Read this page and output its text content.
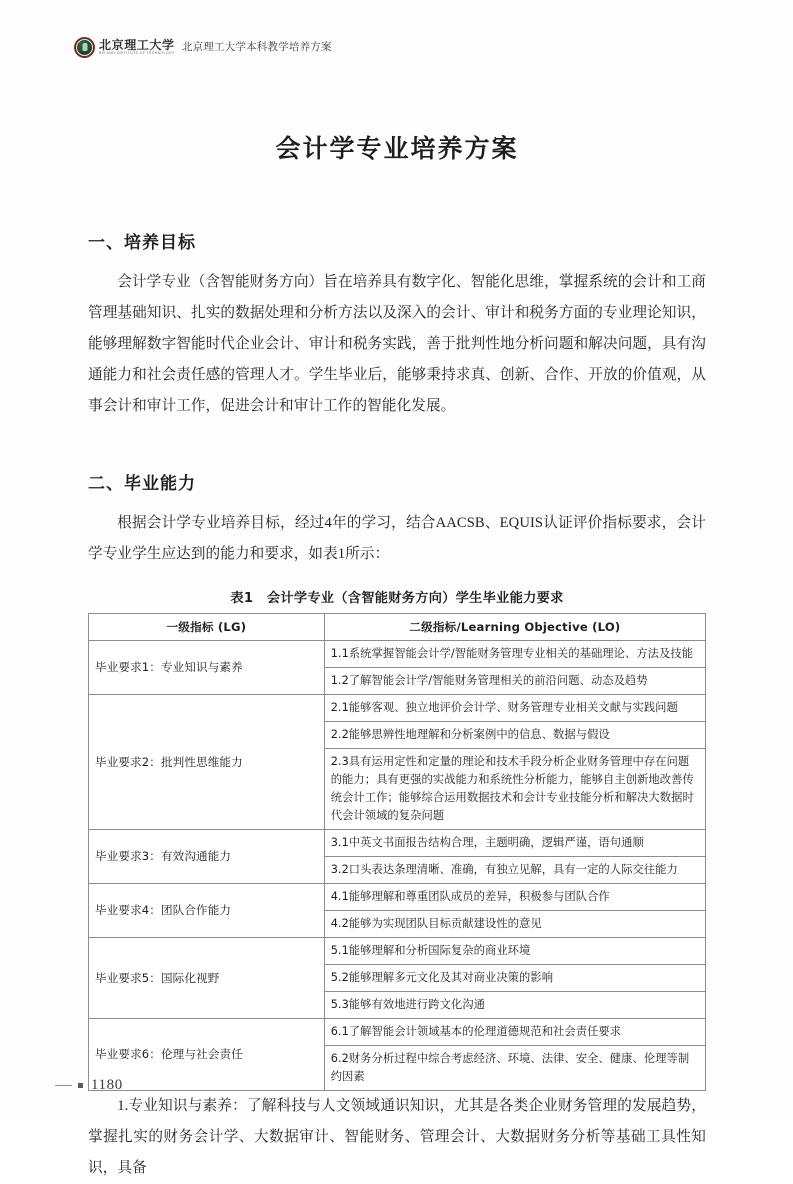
北京理工大学
BEIJING INSTITUTE OF TECHNOLOGY 北京理工大学本科教学培养方案
会计学专业培养方案
一、培养目标

会计学专业（含智能财务方向）旨在培养具有数字化、智能化思维，掌握系统的会计和工商管理基础知识、扎实的数据处理和分析方法以及深入的会计、审计和税务方面的专业理论知识，能够理解数字智能时代企业会计、审计和税务实践，善于批判性地分析问题和解决问题，具有沟通能力和社会责任感的管理人才。学生毕业后，能够秉持求真、创新、合作、开放的价值观，从事会计和审计工作，促进会计和审计工作的智能化发展。

二、毕业能力

根据会计学专业培养目标，经过4年的学习，结合AACSB、EQUIS认证评价指标要求，会计学专业学生应达到的能力和要求，如表1所示：

表1　会计学专业（含智能财务方向）学生毕业能力要求
一级指标 (LG)	二级指标/Learning Objective (LO)
毕业要求1：专业知识与素养	1.1系统掌握智能会计学/智能财务管理专业相关的基础理论、方法及技能
	1.2了解智能会计学/智能财务管理相关的前沿问题、动态及趋势
毕业要求2：批判性思维能力	2.1能够客观、独立地评价会计学、财务管理专业相关文献与实践问题
	2.2能够思辨性地理解和分析案例中的信息、数据与假设
	2.3具有运用定性和定量的理论和技术手段分析企业财务管理中存在问题的能力；具有更强的实战能力和系统性分析能力，能够自主创新地改善传统会计工作；能够综合运用数据技术和会计专业技能分析和解决大数据时代会计领域的复杂问题
毕业要求3：有效沟通能力	3.1中英文书面报告结构合理，主题明确，逻辑严谨，语句通顺
	3.2口头表达条理清晰、准确，有独立见解，具有一定的人际交往能力
毕业要求4：团队合作能力	4.1能够理解和尊重团队成员的差异，积极参与团队合作
	4.2能够为实现团队目标贡献建设性的意见
毕业要求5：国际化视野	5.1能够理解和分析国际复杂的商业环境
	5.2能够理解多元文化及其对商业决策的影响
	5.3能够有效地进行跨文化沟通
毕业要求6：伦理与社会责任	6.1了解智能会计领域基本的伦理道德规范和社会责任要求
	6.2财务分析过程中综合考虑经济、环境、法律、安全、健康、伦理等制约因素

1.专业知识与素养：了解科技与人文领域通识知识，尤其是各类企业财务管理的发展趋势，掌握扎实的财务会计学、大数据审计、智能财务、管理会计、大数据财务分析等基础工具性知识，具备

1180
